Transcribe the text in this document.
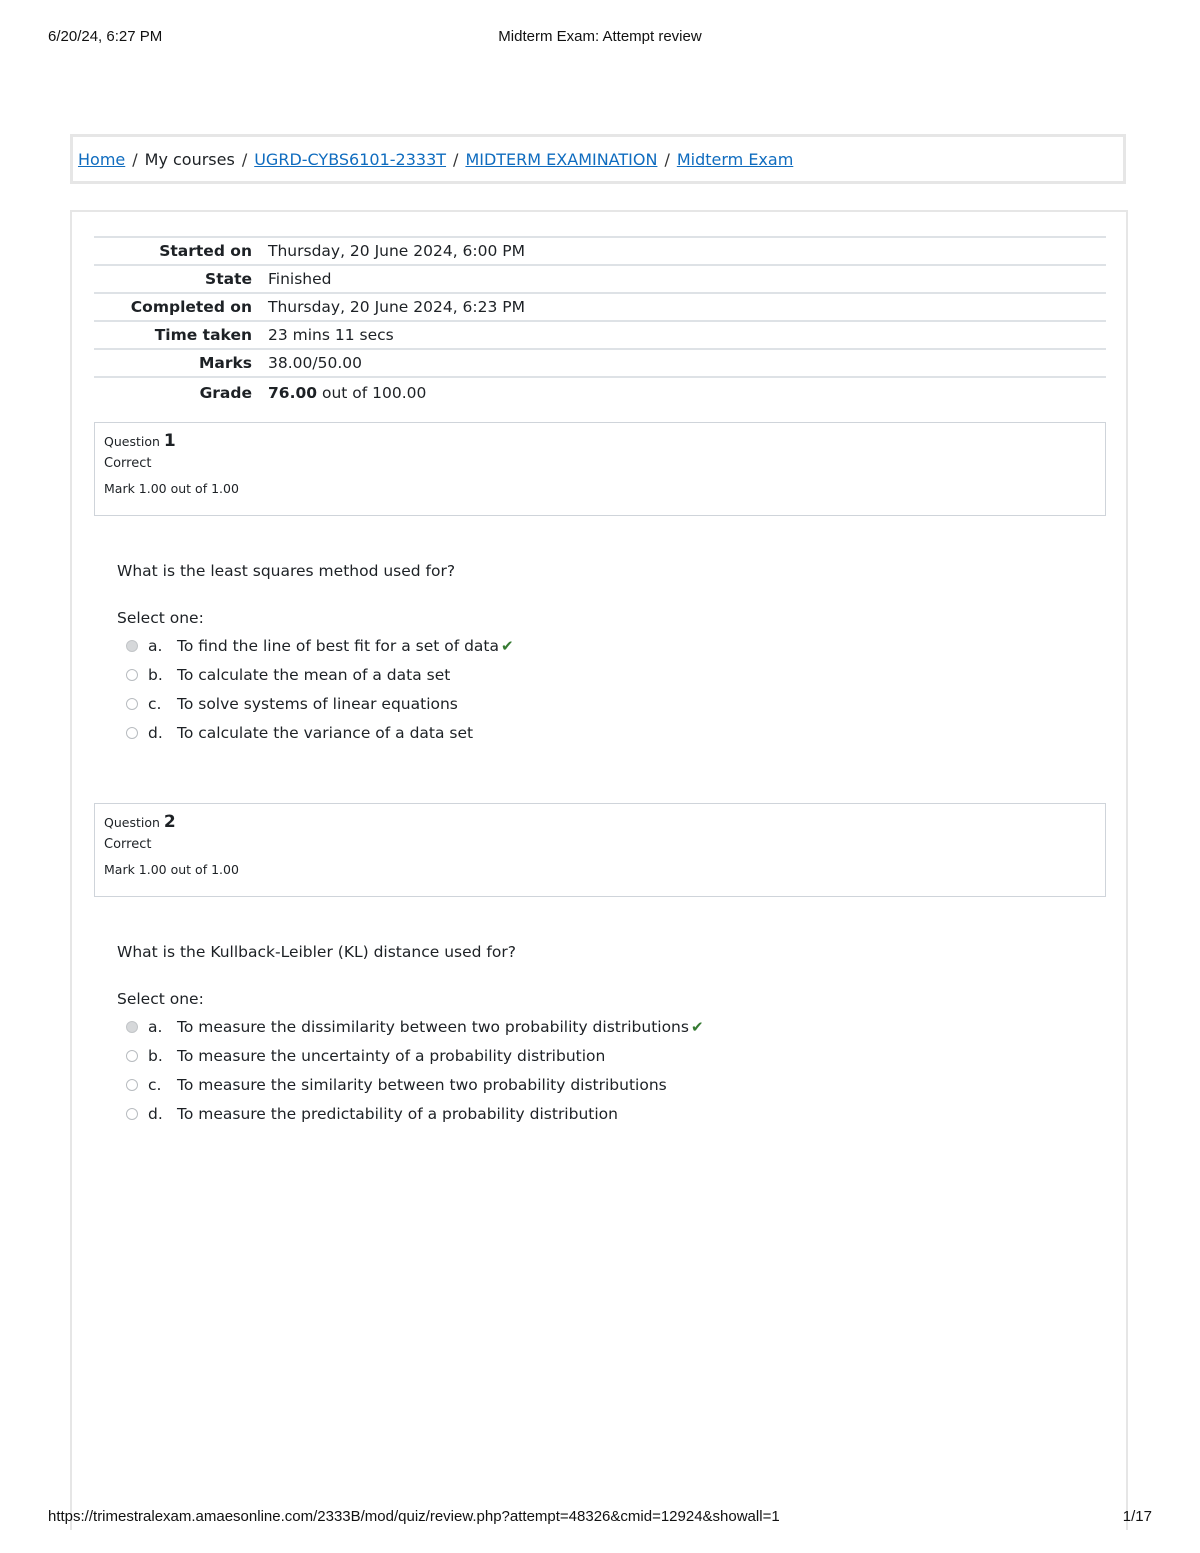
6/20/24, 6:27 PM	Midterm Exam: Attempt review
Home / My courses / UGRD-CYBS6101-2333T / MIDTERM EXAMINATION / Midterm Exam
Started on	Thursday, 20 June 2024, 6:00 PM
State	Finished
Completed on	Thursday, 20 June 2024, 6:23 PM
Time taken	23 mins 11 secs
Marks	38.00/50.00
Grade	76.00 out of 100.00
Question 1
Correct
Mark 1.00 out of 1.00

What is the least squares method used for?

Select one:
a. To find the line of best fit for a set of data ✔
b. To calculate the mean of a data set
c.	To solve systems of linear equations
d. To calculate the variance of a data set
Question 2
Correct
Mark 1.00 out of 1.00

What is the Kullback-Leibler (KL) distance used for?

Select one:
a. To measure the dissimilarity between two probability distributions ✔
b. To measure the uncertainty of a probability distribution
c.	To measure the similarity between two probability distributions
d. To measure the predictability of a probability distribution
https://trimestralexam.amaesonline.com/2333B/mod/quiz/review.php?attempt=48326&cmid=12924&showall=1	1/17
